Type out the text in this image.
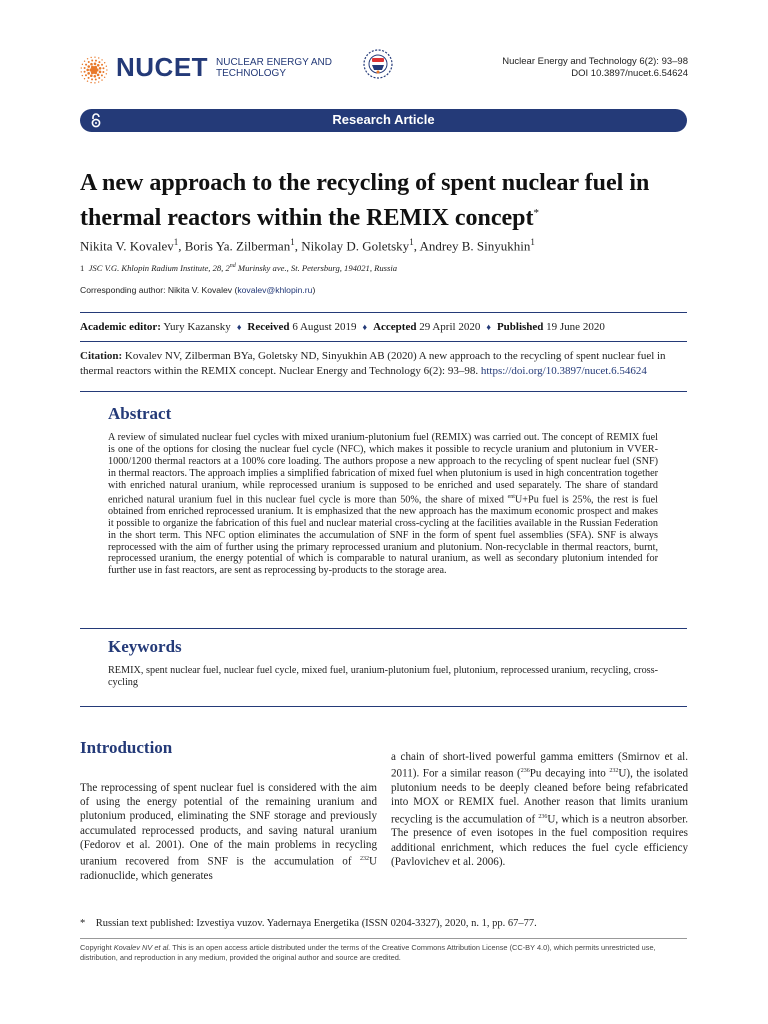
NUCET NUCLEAR ENERGY AND
TECHNOLOGY
Nuclear Energy and Technology 6(2): 93–98
DOI 10.3897/nucet.6.54624
Research Article
A new approach to the recycling of spent nuclear fuel in thermal reactors within the REMIX concept*
Nikita V. Kovalev$^1$, Boris Ya. Zilberman$^1$, Nikolay D. Goletsky$^1$, Andrey B. Sinyukhin$^1$
1 JSC V.G. Khlopin Radium Institute, 28, 2nd Murinsky ave., St. Petersburg, 194021, Russia
Corresponding author: Nikita V. Kovalev (kovalev@khlopin.ru)
Academic editor: Yury Kazansky ♦ Received 6 August 2019 ♦ Accepted 29 April 2020 ♦ Published 19 June 2020
Citation: Kovalev NV, Zilberman BYa, Goletsky ND, Sinyukhin AB (2020) A new approach to the recycling of spent nuclear fuel in thermal reactors within the REMIX concept. Nuclear Energy and Technology 6(2): 93–98. https://doi.org/10.3897/nucet.6.54624
Abstract
A review of simulated nuclear fuel cycles with mixed uranium-plutonium fuel (REMIX) was carried out. The concept of REMIX fuel is one of the options for closing the nuclear fuel cycle (NFC), which makes it possible to recycle uranium and plutonium in VVER-1000/1200 thermal reactors at a 100% core loading. The authors propose a new approach to the recycling of spent nuclear fuel (SNF) in thermal reactors. The approach implies a simplified fabrication of mixed fuel when plutonium is used in high concentration together with enriched natural uranium, while reprocessed uranium is supposed to be enriched and used separately. The share of standard enriched natural uranium fuel in this nuclear fuel cycle is more than 50%, the share of mixed $^{ent}$U+Pu fuel is 25%, the rest is fuel obtained from enriched reprocessed uranium. It is emphasized that the new approach has the maximum economic prospect and makes it possible to organize the fabrication of this fuel and nuclear material cross-cycling at the facilities available in the Russian Federation in the short term. This NFC option eliminates the accumulation of SNF in the form of spent fuel assemblies (SFA). SNF is always reprocessed with the aim of further using the primary reprocessed uranium and plutonium. Non-recyclable in thermal reactors, burnt, reprocessed uranium, the energy potential of which is comparable to natural uranium, as well as secondary plutonium intended for further use in fast reactors, are sent as reprocessing by-products to the storage area.
Keywords
REMIX, spent nuclear fuel, nuclear fuel cycle, mixed fuel, uranium-plutonium fuel, plutonium, reprocessed uranium, recycling, cross-cycling
Introduction
The reprocessing of spent nuclear fuel is considered with the aim of using the energy potential of the remaining uranium and plutonium produced, eliminating the SNF storage and previously accumulated reprocessed products, and saving natural uranium (Fedorov et al. 2001). One of the main problems in recycling uranium recovered from SNF is the accumulation of $^{232}$U radionuclide, which generates
a chain of short-lived powerful gamma emitters (Smirnov et al. 2011). For a similar reason ($^{236}$Pu decaying into $^{232}$U), the isolated plutonium needs to be deeply cleaned before being refabricated into MOX or REMIX fuel. Another reason that limits uranium recycling is the accumulation of $^{236}$U, which is a neutron absorber. The presence of even isotopes in the fuel composition requires additional enrichment, which reduces the fuel cycle efficiency (Pavlovichev et al. 2006).
* Russian text published: Izvestiya vuzov. Yadernaya Energetika (ISSN 0204-3327), 2020, n. 1, pp. 67–77.
Copyright Kovalev NV et al. This is an open access article distributed under the terms of the Creative Commons Attribution License (CC-BY 4.0), which permits unrestricted use, distribution, and reproduction in any medium, provided the original author and source are credited.
